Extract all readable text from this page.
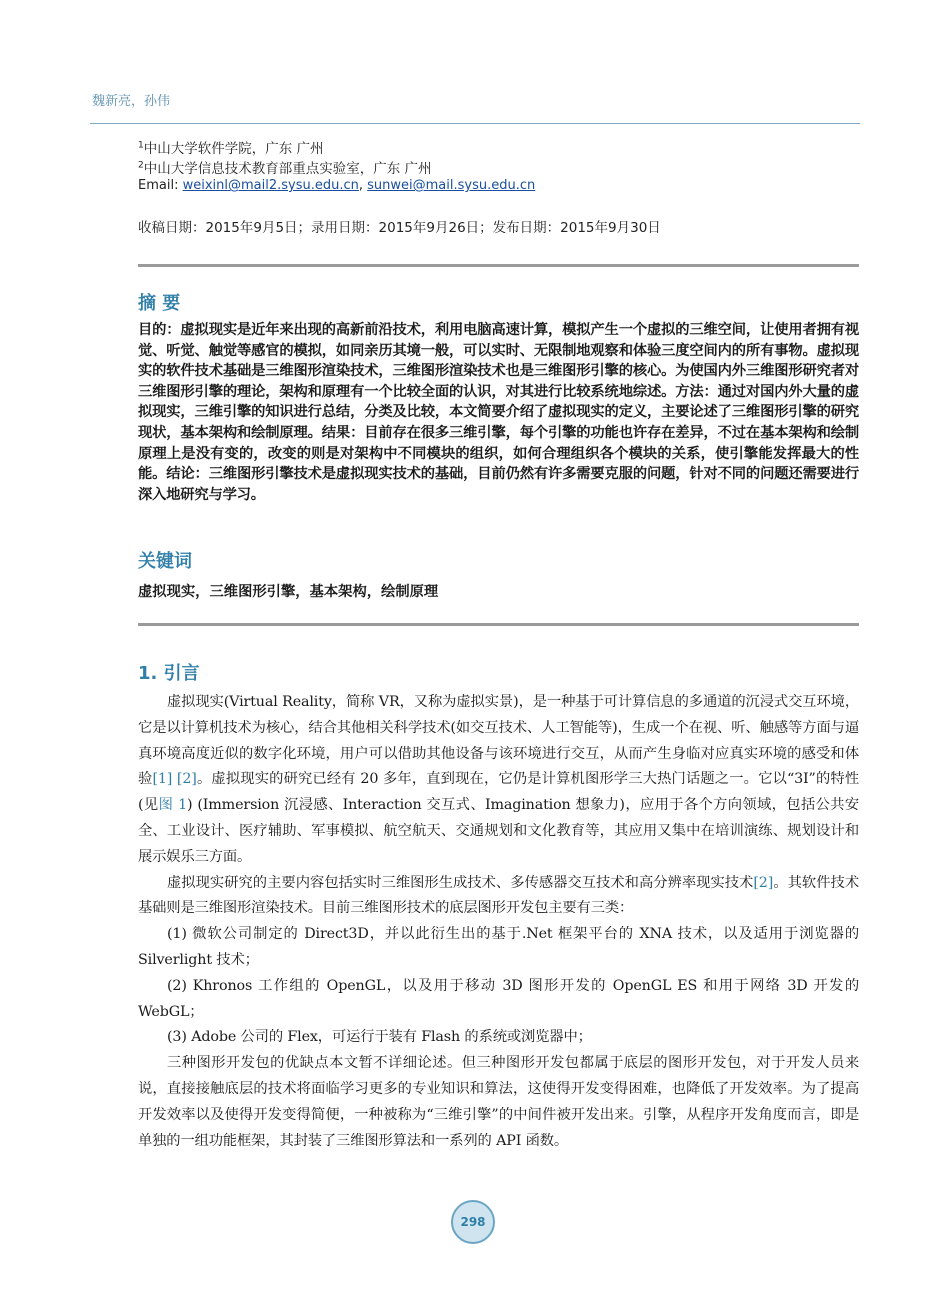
魏新亮，孙伟
$^1$中山大学软件学院，广东 广州
$^2$中山大学信息技术教育部重点实验室，广东 广州
Email: weixinl@mail2.sysu.edu.cn, sunwei@mail.sysu.edu.cn
收稿日期：2015年9月5日；录用日期：2015年9月26日；发布日期：2015年9月30日
摘 要
目的：虚拟现实是近年来出现的高新前沿技术，利用电脑高速计算，模拟产生一个虚拟的三维空间，让使用者拥有视觉、听觉、触觉等感官的模拟，如同亲历其境一般，可以实时、无限制地观察和体验三度空间内的所有事物。虚拟现实的软件技术基础是三维图形渲染技术，三维图形渲染技术也是三维图形引擎的核心。为使国内外三维图形研究者对三维图形引擎的理论，架构和原理有一个比较全面的认识，对其进行比较系统地综述。方法：通过对国内外大量的虚拟现实，三维引擎的知识进行总结，分类及比较，本文简要介绍了虚拟现实的定义，主要论述了三维图形引擎的研究现状，基本架构和绘制原理。结果：目前存在很多三维引擎，每个引擎的功能也许存在差异，不过在基本架构和绘制原理上是没有变的，改变的则是对架构中不同模块的组织，如何合理组织各个模块的关系，使引擎能发挥最大的性能。结论：三维图形引擎技术是虚拟现实技术的基础，目前仍然有许多需要克服的问题，针对不同的问题还需要进行深入地研究与学习。
关键词
虚拟现实，三维图形引擎，基本架构，绘制原理
1. 引言

虚拟现实(Virtual Reality，简称 VR，又称为虚拟实景)，是一种基于可计算信息的多通道的沉浸式交互环境，它是以计算机技术为核心，结合其他相关科学技术(如交互技术、人工智能等)，生成一个在视、听、触感等方面与逼真环境高度近似的数字化环境，用户可以借助其他设备与该环境进行交互，从而产生身临对应真实环境的感受和体验[1] [2]。虚拟现实的研究已经有 20 多年，直到现在，它仍是计算机图形学三大热门话题之一。它以“3I”的特性(见图 1) (Immersion 沉浸感、Interaction 交互式、Imagination 想象力)，应用于各个方向领域，包括公共安全、工业设计、医疗辅助、军事模拟、航空航天、交通规划和文化教育等，其应用又集中在培训演练、规划设计和展示娱乐三方面。

虚拟现实研究的主要内容包括实时三维图形生成技术、多传感器交互技术和高分辨率现实技术[2]。其软件技术基础则是三维图形渲染技术。目前三维图形技术的底层图形开发包主要有三类：

(1) 微软公司制定的 Direct3D，并以此衍生出的基于.Net 框架平台的 XNA 技术，以及适用于浏览器的 Silverlight 技术；

(2) Khronos 工作组的 OpenGL，以及用于移动 3D 图形开发的 OpenGL ES 和用于网络 3D 开发的 WebGL；

(3) Adobe 公司的 Flex，可运行于装有 Flash 的系统或浏览器中；

三种图形开发包的优缺点本文暂不详细论述。但三种图形开发包都属于底层的图形开发包，对于开发人员来说，直接接触底层的技术将面临学习更多的专业知识和算法，这使得开发变得困难，也降低了开发效率。为了提高开发效率以及使得开发变得简便，一种被称为“三维引擎”的中间件被开发出来。引擎，从程序开发角度而言，即是单独的一组功能框架，其封装了三维图形算法和一系列的 API 函数。

298
